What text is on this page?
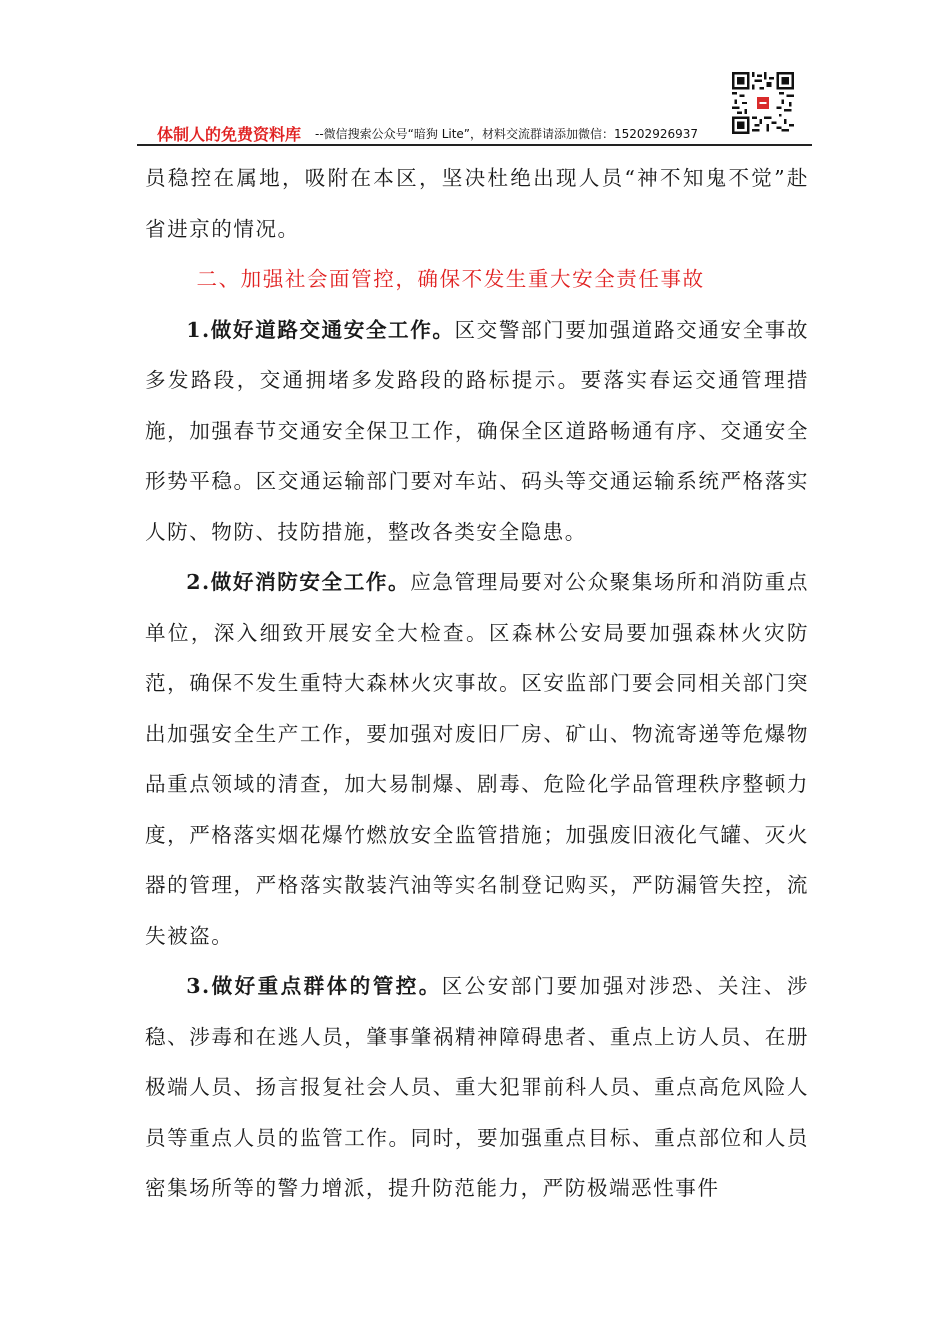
体制人的免费资料库 --微信搜索公众号“暗狗 Lite”，材料交流群请添加微信：15202926937

员稳控在属地，吸附在本区，坚决杜绝出现人员“神不知鬼不觉”赴省进京的情况。

二、加强社会面管控，确保不发生重大安全责任事故

1.做好道路交通安全工作。区交警部门要加强道路交通安全事故多发路段，交通拥堵多发路段的路标提示。要落实春运交通管理措施，加强春节交通安全保卫工作，确保全区道路畅通有序、交通安全形势平稳。区交通运输部门要对车站、码头等交通运输系统严格落实人防、物防、技防措施，整改各类安全隐患。

2.做好消防安全工作。应急管理局要对公众聚集场所和消防重点单位，深入细致开展安全大检查。区森林公安局要加强森林火灾防范，确保不发生重特大森林火灾事故。区安监部门要会同相关部门突出加强安全生产工作，要加强对废旧厂房、矿山、物流寄递等危爆物品重点领域的清查，加大易制爆、剧毒、危险化学品管理秩序整顿力度，严格落实烟花爆竹燃放安全监管措施；加强废旧液化气罐、灭火器的管理，严格落实散装汽油等实名制登记购买，严防漏管失控，流失被盗。

3.做好重点群体的管控。区公安部门要加强对涉恐、关注、涉稳、涉毒和在逃人员，肇事肇祸精神障碍患者、重点上访人员、在册极端人员、扬言报复社会人员、重大犯罪前科人员、重点高危风险人员等重点人员的监管工作。同时，要加强重点目标、重点部位和人员密集场所等的警力增派，提升防范能力，严防极端恶性事件
